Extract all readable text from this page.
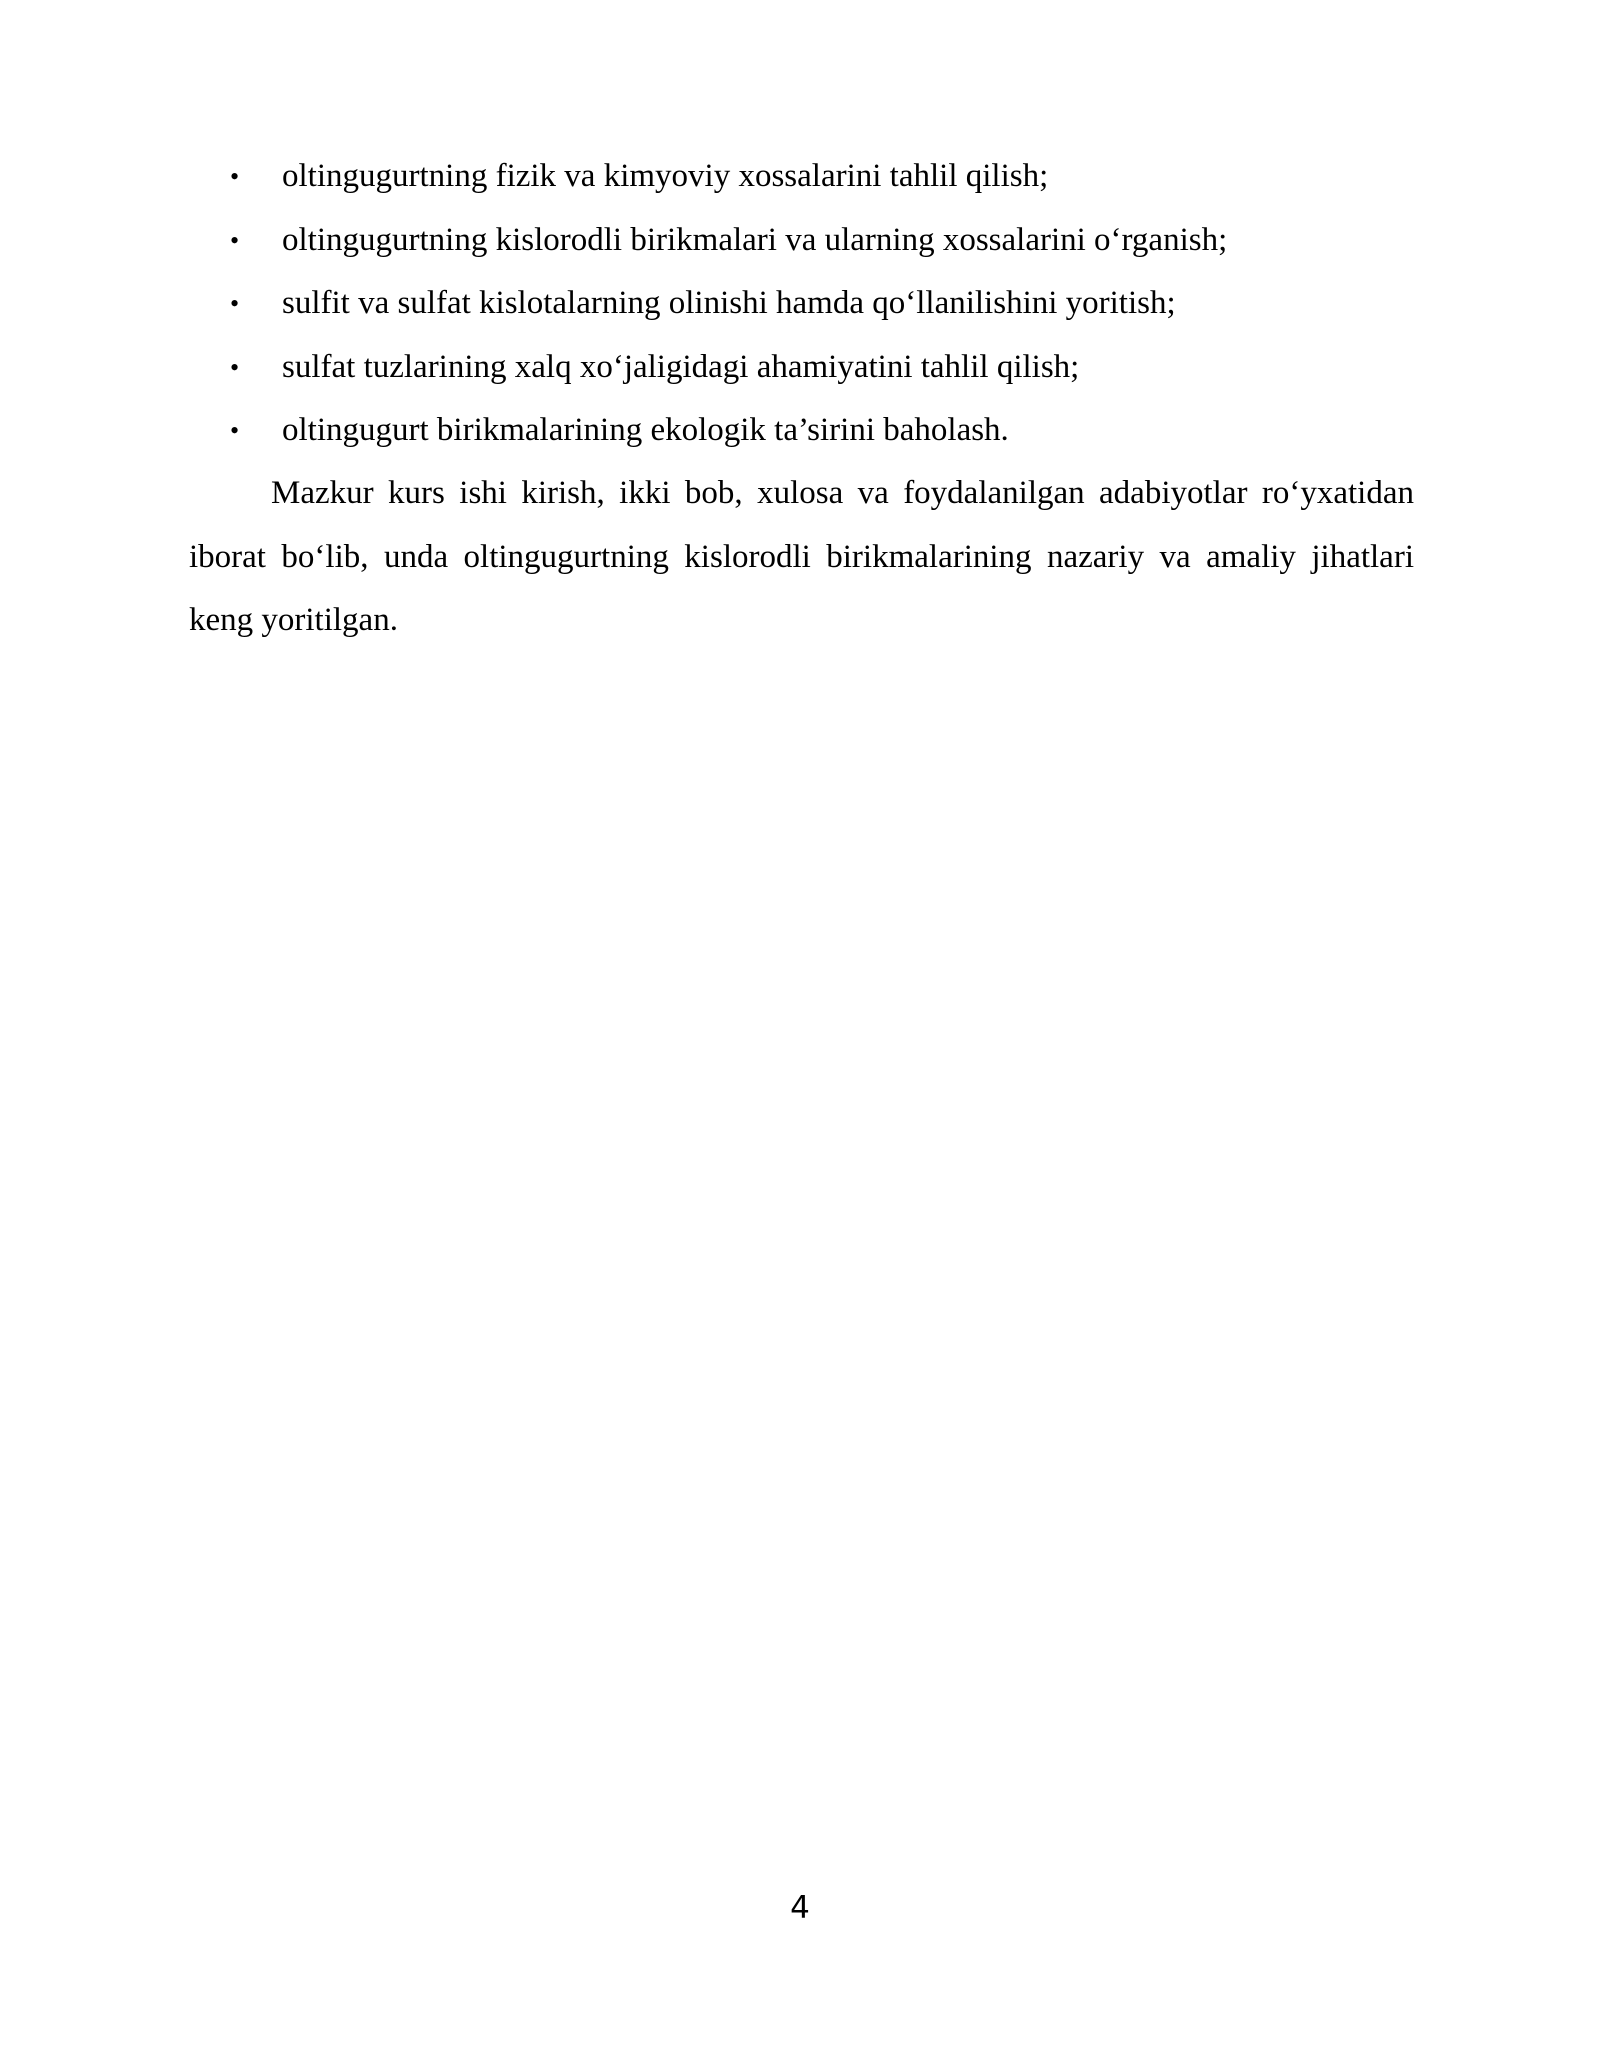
•	oltingugurtning fizik va kimyoviy xossalarini tahlil qilish;
•	oltingugurtning kislorodli birikmalari va ularning xossalarini o‘rganish;
•	sulfit va sulfat kislotalarning olinishi hamda qo‘llanilishini yoritish;
•	sulfat tuzlarining xalq xo‘jaligidagi ahamiyatini tahlil qilish;
•	oltingugurt birikmalarining ekologik ta’sirini baholash.

Mazkur kurs ishi kirish, ikki bob, xulosa va foydalanilgan adabiyotlar ro‘yxatidan iborat bo‘lib, unda oltingugurtning kislorodli birikmalarining nazariy va amaliy jihatlari keng yoritilgan.

4
